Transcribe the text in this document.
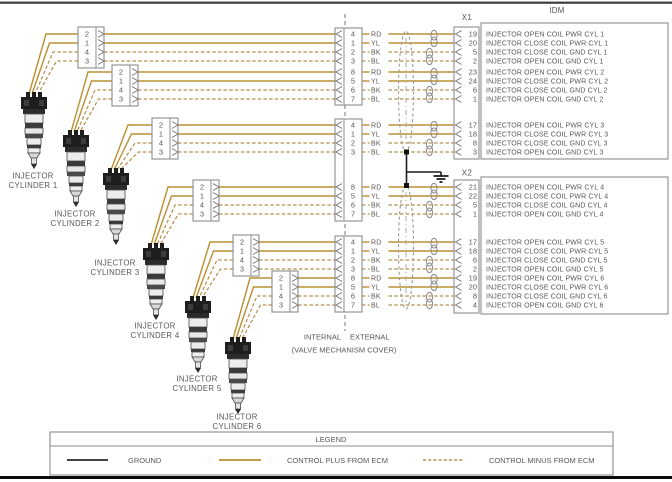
2
1
4
3
2
1
4
3
2
1
4
3
2
1
4
3
2
1
4
3
2
1
4
3
4 RD
1 YL
2 BK
3 BL
8 RD
5 YL
6 BK
7 BL
4 RD
1 YL
2 BK
3 BL
8 RD
5 YL
6 BK
7 BL
4 RD
1 YL
2 BK
3 BL
8 RD
5 YL
6 BK
7 BL
19 INJECTOR OPEN COIL PWR CYL 1
20 INJECTOR CLOSE COIL PWR CYL 1
5 INJECTOR CLOSE COIL GND CYL 1
2 INJECTOR OPEN COIL GND CYL 1
23 INJECTOR OPEN COIL PWR CYL 2
24 INJECTOR CLOSE COIL PWR CYL 2
6 INJECTOR CLOSE COIL GND CYL 2
1 INJECTOR OPEN COIL GND CYL 2
17 INJECTOR OPEN COIL PWR CYL 3
18 INJECTOR CLOSE COIL PWR CYL 3
8 INJECTOR CLOSE COIL GND CYL 3
3 INJECTOR OPEN COIL GND CYL 3
21 INJECTOR OPEN COIL PWR CYL 4
22 INJECTOR CLOSE COIL PWR CYL 4
5 INJECTOR CLOSE COIL GND CYL 4
1 INJECTOR OPEN COIL GND CYL 4
17 INJECTOR OPEN COIL PWR CYL 5
18 INJECTOR CLOSE COIL PWR CYL 5
6 INJECTOR CLOSE COIL GND CYL 5
2 INJECTOR OPEN COIL GND CYL 5
19 INJECTOR OPEN COIL PWR CYL 6
20 INJECTOR CLOSE COIL PWR CYL 6
8 INJECTOR CLOSE COIL GND CYL 6
4 INJECTOR OPEN COIL GND CYL 6
IDM
X1
X2
INTERNAL EXTERNAL
(VALVE MECHANISM COVER)
INJECTOR
CYLINDER 1
INJECTOR
CYLINDER 2
INJECTOR
CYLINDER 3
INJECTOR
CYLINDER 4
INJECTOR
CYLINDER 5
INJECTOR
CYLINDER 6
LEGEND
GROUND	CONTROL PLUS FROM ECM	CONTROL MINUS FROM ECM
